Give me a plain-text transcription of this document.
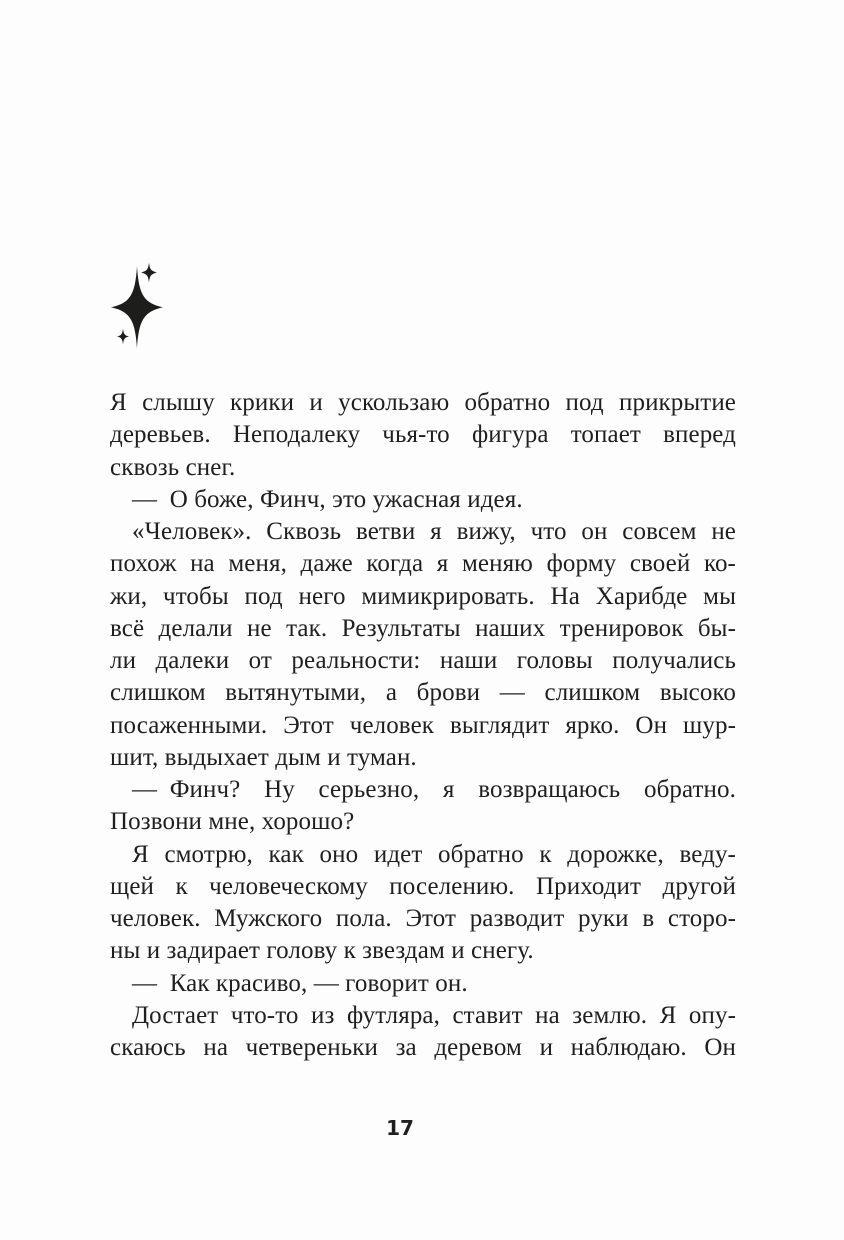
Я слышу крики и ускользаю обратно под прикрытие
деревьев. Неподалеку чья-то фигура топает вперед
сквозь снег.
— О боже, Финч, это ужасная идея.
«Человек». Сквозь ветви я вижу, что он совсем не
похож на меня, даже когда я меняю форму своей ко-
жи, чтобы под него мимикрировать. На Харибде мы
всё делали не так. Результаты наших тренировок бы-
ли далеки от реальности: наши головы получались
слишком вытянутыми, а брови — слишком высоко
посаженными. Этот человек выглядит ярко. Он шур-
шит, выдыхает дым и туман.
— Финч? Ну серьезно, я возвращаюсь обратно.
Позвони мне, хорошо?
Я смотрю, как оно идет обратно к дорожке, веду-
щей к человеческому поселению. Приходит другой
человек. Мужского пола. Этот разводит руки в сторо-
ны и задирает голову к звездам и снегу.
— Как красиво, — говорит он.
Достает что-то из футляра, ставит на землю. Я опу-
скаюсь на четвереньки за деревом и наблюдаю. Он
17
